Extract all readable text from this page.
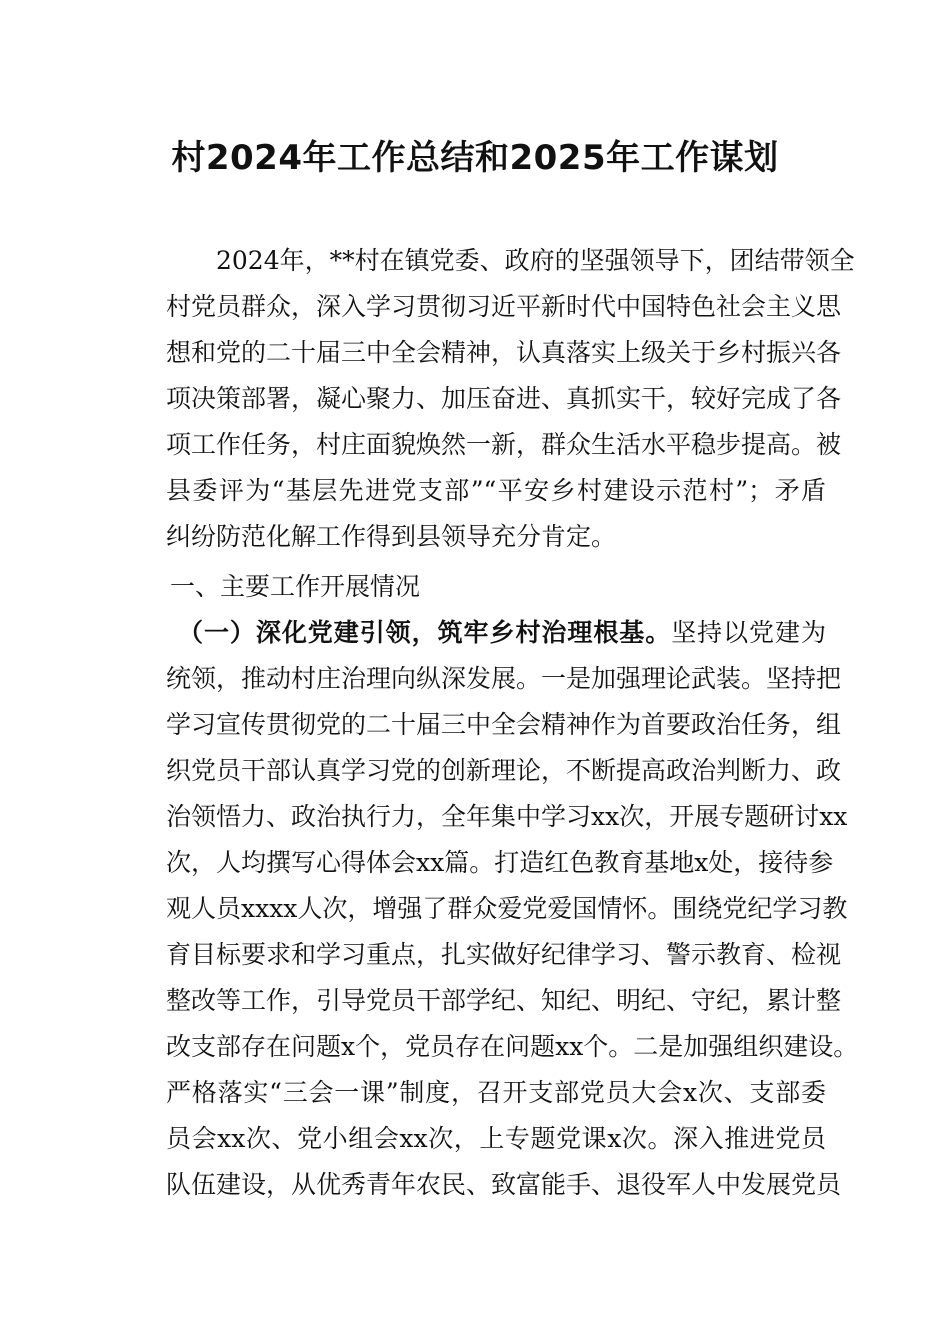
村2024年工作总结和2025年工作谋划
2024年，**村在镇党委、政府的坚强领导下，团结带领全
村党员群众，深入学习贯彻习近平新时代中国特色社会主义思
想和党的二十届三中全会精神，认真落实上级关于乡村振兴各
项决策部署，凝心聚力、加压奋进、真抓实干，较好完成了各
项工作任务，村庄面貌焕然一新，群众生活水平稳步提高。被
县委评为“基层先进党支部”“平安乡村建设示范村”；矛盾
纠纷防范化解工作得到县领导充分肯定。
一、主要工作开展情况
（一）深化党建引领，筑牢乡村治理根基。坚持以党建为
统领，推动村庄治理向纵深发展。一是加强理论武装。坚持把
学习宣传贯彻党的二十届三中全会精神作为首要政治任务，组
织党员干部认真学习党的创新理论，不断提高政治判断力、政
治领悟力、政治执行力，全年集中学习xx次，开展专题研讨xx
次，人均撰写心得体会xx篇。打造红色教育基地x处，接待参
观人员xxxx人次，增强了群众爱党爱国情怀。围绕党纪学习教
育目标要求和学习重点，扎实做好纪律学习、警示教育、检视
整改等工作，引导党员干部学纪、知纪、明纪、守纪，累计整
改支部存在问题x个，党员存在问题xx个。二是加强组织建设。
严格落实“三会一课”制度，召开支部党员大会x次、支部委
员会xx次、党小组会xx次，上专题党课x次。深入推进党员
队伍建设，从优秀青年农民、致富能手、退役军人中发展党员
